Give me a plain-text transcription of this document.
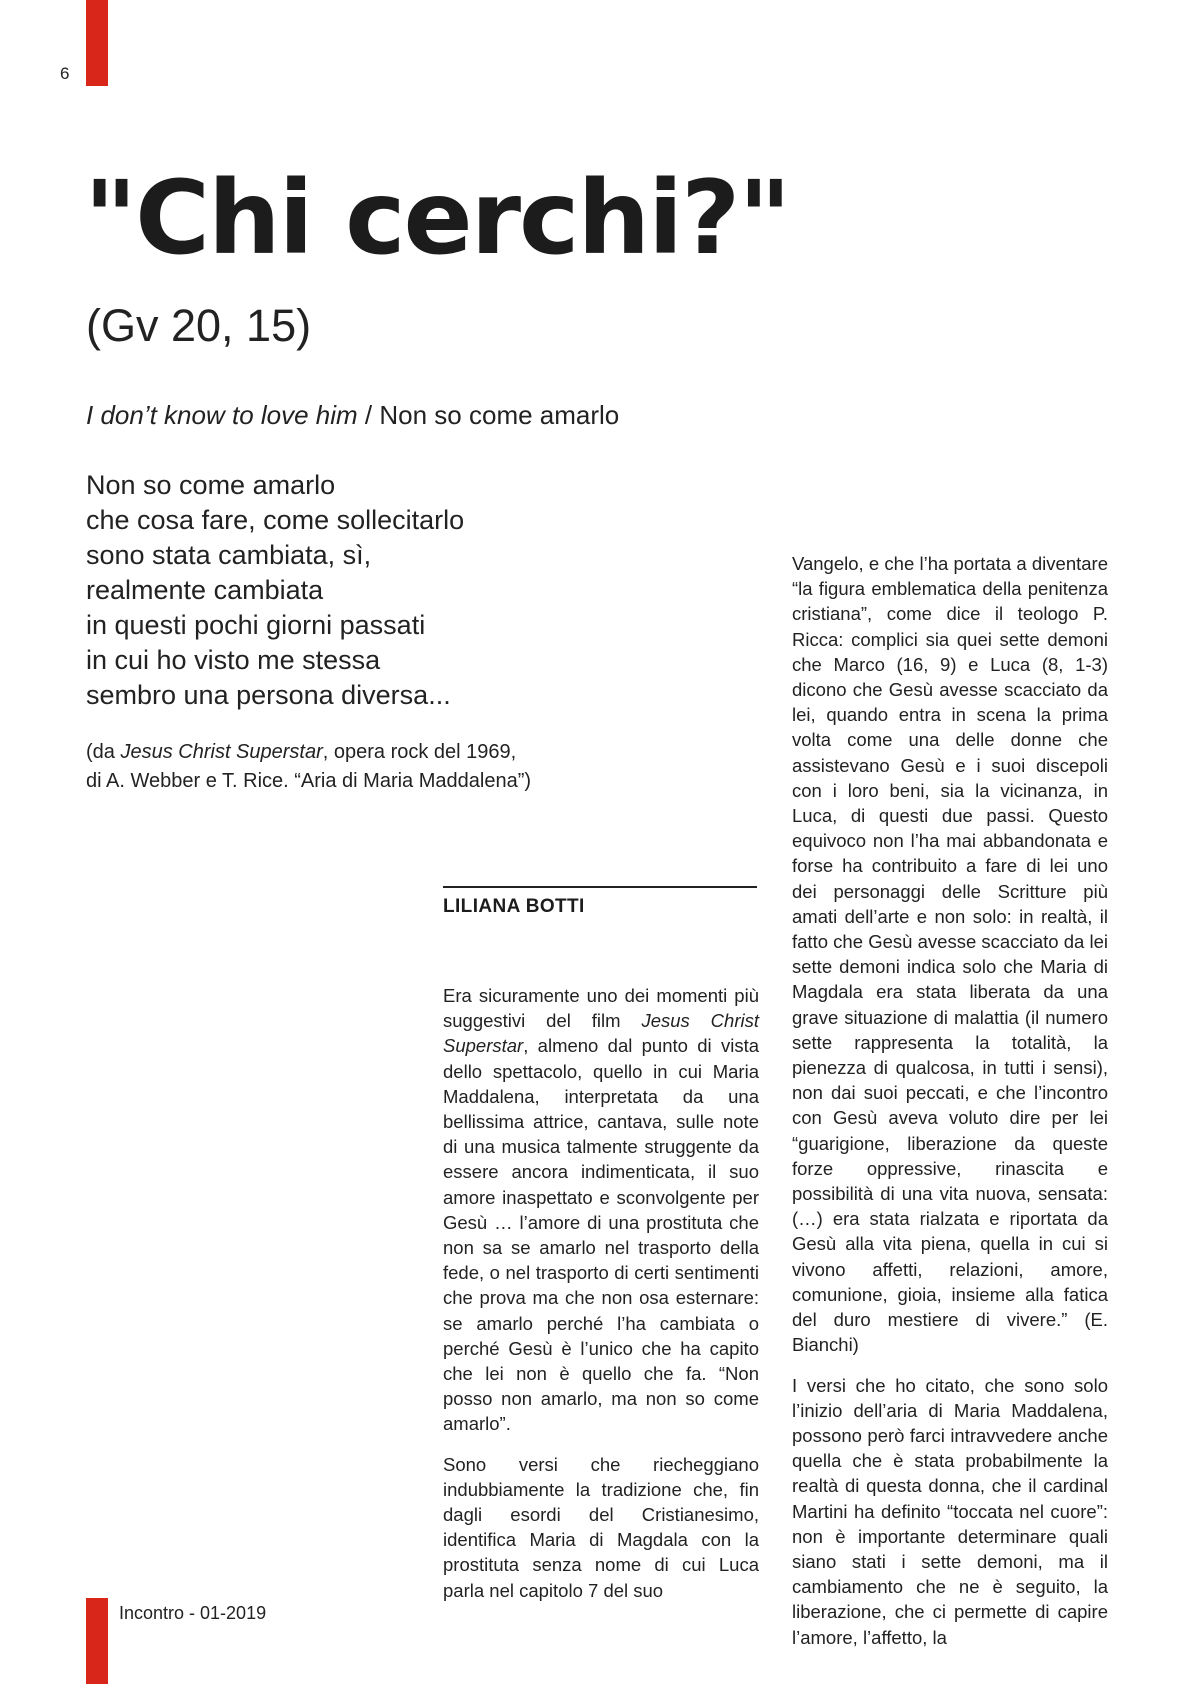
6
"Chi cerchi?"
(Gv 20, 15)
I don’t know to love him / Non so come amarlo
Non so come amarlo
che cosa fare, come sollecitarlo
sono stata cambiata, sì,
realmente cambiata
in questi pochi giorni passati
in cui ho visto me stessa
sembro una persona diversa...
(da Jesus Christ Superstar, opera rock del 1969,
di A. Webber e T. Rice. “Aria di Maria Maddalena”)
LILIANA BOTTI

Era sicuramente uno dei momenti più suggestivi del film Jesus Christ Superstar, almeno dal punto di vista dello spettacolo, quello in cui Maria Maddalena, interpretata da una bellissima attrice, cantava, sulle note di una musica talmente struggente da essere ancora indimenticata, il suo amore inaspettato e sconvolgente per Gesù … l’amore di una prostituta che non sa se amarlo nel trasporto della fede, o nel trasporto di certi sentimenti che prova ma che non osa esternare: se amarlo perché l’ha cambiata o perché Gesù è l’unico che ha capito che lei non è quello che fa. “Non posso non amarlo, ma non so come amarlo”.

Sono versi che riecheggiano indubbiamente la tradizione che, fin dagli esordi del Cristianesimo, identifica Maria di Magdala con la prostituta senza nome di cui Luca parla nel capitolo 7 del suo

Vangelo, e che l’ha portata a diventare “la figura emblematica della penitenza cristiana”, come dice il teologo P. Ricca: complici sia quei sette demoni che Marco (16, 9) e Luca (8, 1-3) dicono che Gesù avesse scacciato da lei, quando entra in scena la prima volta come una delle donne che assistevano Gesù e i suoi discepoli con i loro beni, sia la vicinanza, in Luca, di questi due passi. Questo equivoco non l’ha mai abbandonata e forse ha contribuito a fare di lei uno dei personaggi delle Scritture più amati dell’arte e non solo: in realtà, il fatto che Gesù avesse scacciato da lei sette demoni indica solo che Maria di Magdala era stata liberata da una grave situazione di malattia (il numero sette rappresenta la totalità, la pienezza di qualcosa, in tutti i sensi), non dai suoi peccati, e che l’incontro con Gesù aveva voluto dire per lei “guarigione, liberazione da queste forze oppressive, rinascita e possibilità di una vita nuova, sensata: (…) era stata rialzata e riportata da Gesù alla vita piena, quella in cui si vivono affetti, relazioni, amore, comunione, gioia, insieme alla fatica del duro mestiere di vivere.” (E. Bianchi)

I versi che ho citato, che sono solo l’inizio dell’aria di Maria Maddalena, possono però farci intravvedere anche quella che è stata probabilmente la realtà di questa donna, che il cardinal Martini ha definito “toccata nel cuore”: non è importante determinare quali siano stati i sette demoni, ma il cambiamento che ne è seguito, la liberazione, che ci permette di capire l’amore, l’affetto, la

Incontro - 01-2019
